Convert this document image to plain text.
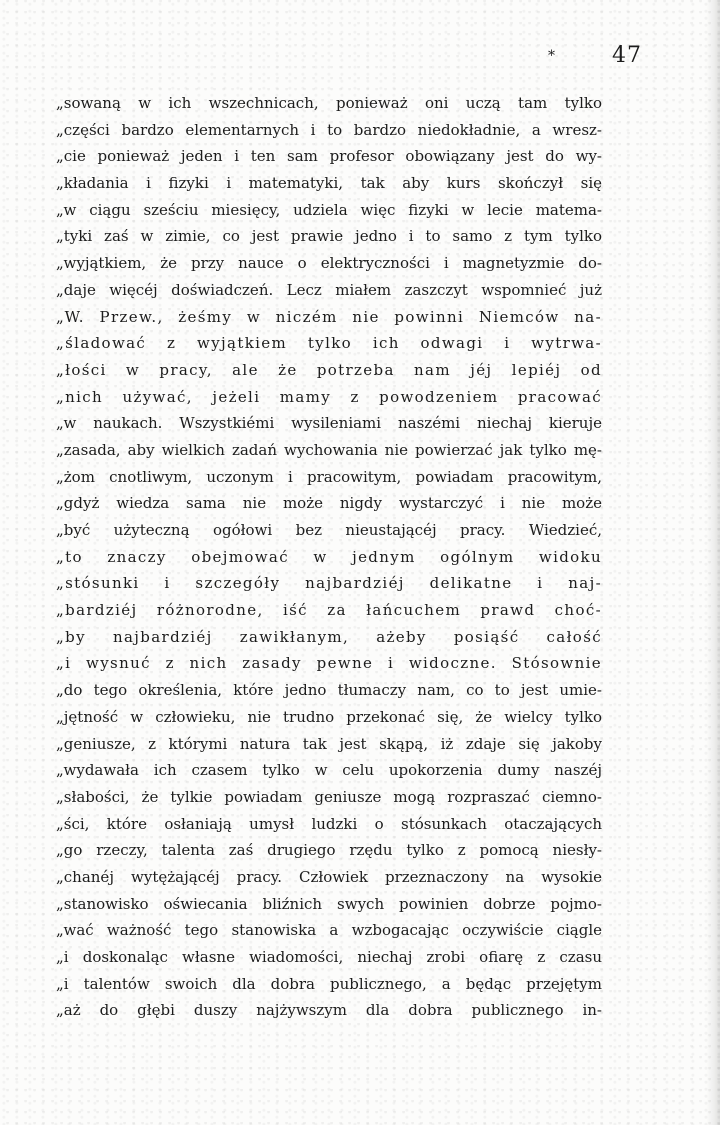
*	47
„sowaną w ich wszechnicach, ponieważ oni uczą tam tylko
„części bardzo elementarnych i to bardzo niedokładnie, a wresz-
„cie ponieważ jeden i ten sam profesor obowiązany jest do wy-
„kładania i fizyki i matematyki, tak aby kurs skończył się
„w ciągu sześciu miesięcy, udziela więc fizyki w lecie matema-
„tyki zaś w zimie, co jest prawie jedno i to samo z tym tylko
„wyjątkiem, że przy nauce o elektryczności i magnetyzmie do-
„daje więcéj doświadczeń. Lecz miałem zaszczyt wspomnieć już
„W. Przew., żeśmy w niczém nie powinni Niemców na-
„śladować z wyjątkiem tylko ich odwagi i wytrwa-
„łości w pracy, ale że potrzeba nam jéj lepiéj od
„nich używać, jeżeli mamy z powodzeniem pracować
„w naukach. Wszystkiémi wysileniami naszémi niechaj kieruje
„zasada, aby wielkich zadań wychowania nie powierzać jak tylko mę-
„żom cnotliwym, uczonym i pracowitym, powiadam pracowitym,
„gdyż wiedza sama nie może nigdy wystarczyć i nie może
„być użyteczną ogółowi bez nieustającéj pracy. Wiedzieć,
„to znaczy obejmować w jednym ogólnym widoku
„stósunki i szczegóły najbardziéj delikatne i naj-
„bardziéj różnorodne, iść za łańcuchem prawd choć-
„by najbardziéj zawikłanym, ażeby posiąść całość
„i wysnuć z nich zasady pewne i widoczne. Stósownie
„do tego określenia, które jedno tłumaczy nam, co to jest umie-
„jętność w człowieku, nie trudno przekonać się, że wielcy tylko
„geniusze, z którymi natura tak jest skąpą, iż zdaje się jakoby
„wydawała ich czasem tylko w celu upokorzenia dumy naszéj
„słabości, że tylkie powiadam geniusze mogą rozpraszać ciemno-
„ści, które osłaniają umysł ludzki o stósunkach otaczających
„go rzeczy, talenta zaś drugiego rzędu tylko z pomocą niesły-
„chanéj wytężającéj pracy. Człowiek przeznaczony na wysokie
„stanowisko oświecania bliźnich swych powinien dobrze pojmo-
„wać ważność tego stanowiska a wzbogacając oczywiście ciągle
„i doskonaląc własne wiadomości, niechaj zrobi ofiarę z czasu
„i talentów swoich dla dobra publicznego, a będąc przejętym
„aż do głębi duszy najżywszym dla dobra publicznego in-
